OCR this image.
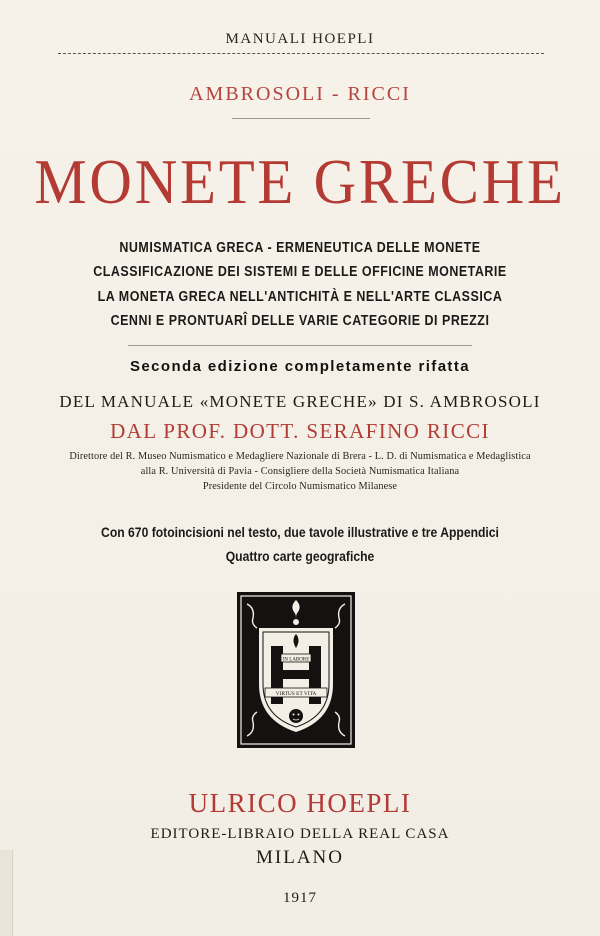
MANUALI HOEPLI
AMBROSOLI - RICCI
MONETE GRECHE
NUMISMATICA GRECA - ERMENEUTICA DELLE MONETE
CLASSIFICAZIONE DEI SISTEMI E DELLE OFFICINE MONETARIE
LA MONETA GRECA NELL'ANTICHITÀ E NELL'ARTE CLASSICA
CENNI E PRONTUARÎ DELLE VARIE CATEGORIE DI PREZZI
Seconda edizione completamente rifatta
DEL MANUALE «MONETE GRECHE» DI S. AMBROSOLI
DAL PROF. DOTT. SERAFINO RICCI
Direttore del R. Museo Numismatico e Medagliere Nazionale di Brera - L. D. di Numismatica e Medaglistica
alla R. Università di Pavia - Consigliere della Società Numismatica Italiana
Presidente del Circolo Numismatico Milanese
Con 670 fotoincisioni nel testo, due tavole illustrative e tre Appendici
Quattro carte geografiche
IN LABORE
VIRTUS ET VITA
ULRICO HOEPLI
EDITORE-LIBRAIO DELLA REAL CASA
MILANO
1917
